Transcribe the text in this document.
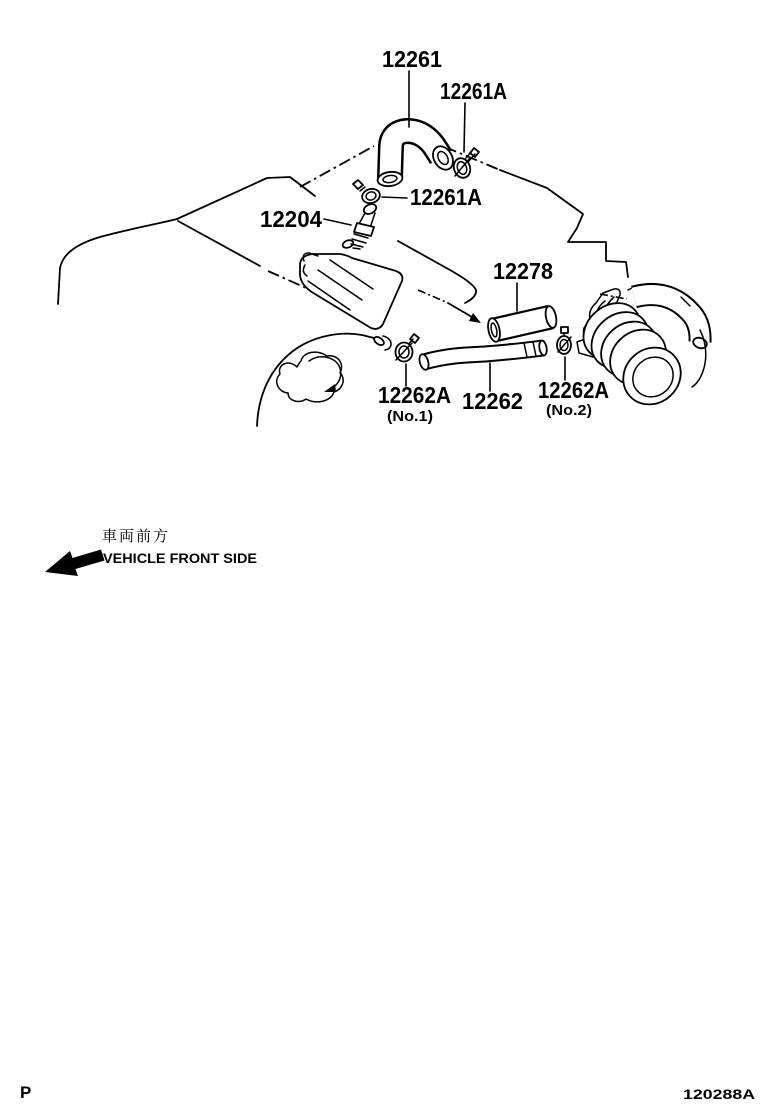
12261
12261A
12204
12261A
12278
12262A
(No.1)
12262 12262A
(No.2)
車両前方
VEHICLE FRONT SIDE
P	120288A
